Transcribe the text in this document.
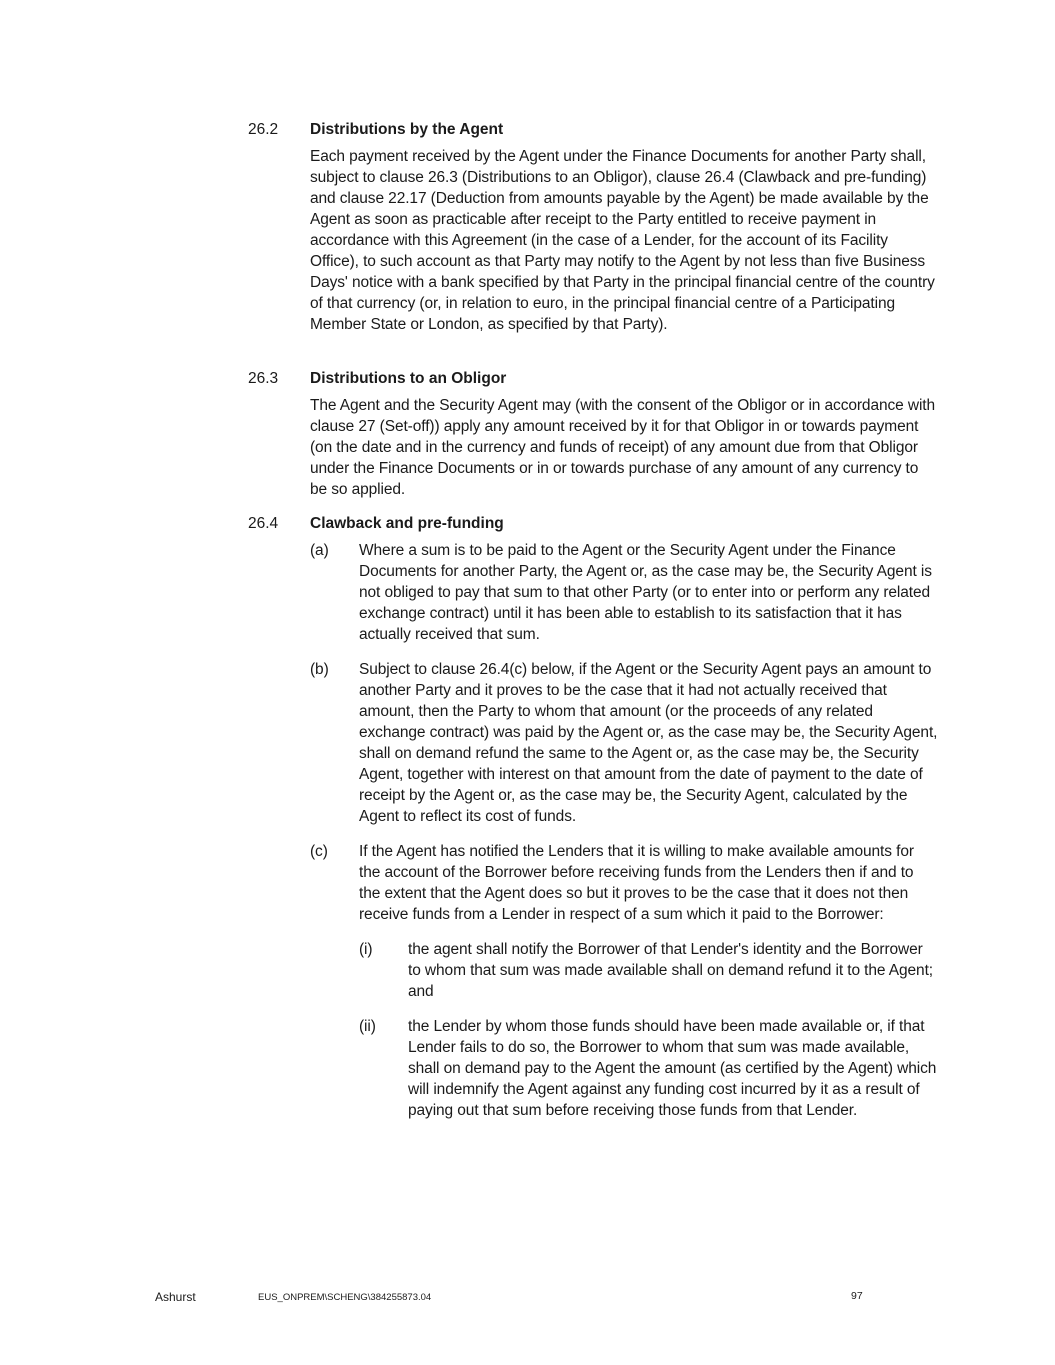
26.2	Distributions by the Agent
Each payment received by the Agent under the Finance Documents for another Party shall, subject to clause 26.3 (Distributions to an Obligor), clause 26.4 (Clawback and pre-funding) and clause 22.17 (Deduction from amounts payable by the Agent) be made available by the Agent as soon as practicable after receipt to the Party entitled to receive payment in accordance with this Agreement (in the case of a Lender, for the account of its Facility Office), to such account as that Party may notify to the Agent by not less than five Business Days' notice with a bank specified by that Party in the principal financial centre of the country of that currency (or, in relation to euro, in the principal financial centre of a Participating Member State or London, as specified by that Party).
26.3	Distributions to an Obligor
The Agent and the Security Agent may (with the consent of the Obligor or in accordance with clause 27 (Set-off)) apply any amount received by it for that Obligor in or towards payment (on the date and in the currency and funds of receipt) of any amount due from that Obligor under the Finance Documents or in or towards purchase of any amount of any currency to be so applied.
26.4	Clawback and pre-funding
(a)	Where a sum is to be paid to the Agent or the Security Agent under the Finance Documents for another Party, the Agent or, as the case may be, the Security Agent is not obliged to pay that sum to that other Party (or to enter into or perform any related exchange contract) until it has been able to establish to its satisfaction that it has actually received that sum.
(b)	Subject to clause 26.4(c) below, if the Agent or the Security Agent pays an amount to another Party and it proves to be the case that it had not actually received that amount, then the Party to whom that amount (or the proceeds of any related exchange contract) was paid by the Agent or, as the case may be, the Security Agent, shall on demand refund the same to the Agent or, as the case may be, the Security Agent, together with interest on that amount from the date of payment to the date of receipt by the Agent or, as the case may be, the Security Agent, calculated by the Agent to reflect its cost of funds.
(c)	If the Agent has notified the Lenders that it is willing to make available amounts for the account of the Borrower before receiving funds from the Lenders then if and to the extent that the Agent does so but it proves to be the case that it does not then receive funds from a Lender in respect of a sum which it paid to the Borrower:
(i)	the agent shall notify the Borrower of that Lender's identity and the Borrower to whom that sum was made available shall on demand refund it to the Agent; and
(ii)	the Lender by whom those funds should have been made available or, if that Lender fails to do so, the Borrower to whom that sum was made available, shall on demand pay to the Agent the amount (as certified by the Agent) which will indemnify the Agent against any funding cost incurred by it as a result of paying out that sum before receiving those funds from that Lender.
Ashurst	EUS_ONPREM\SCHENG\384255873.04	97
